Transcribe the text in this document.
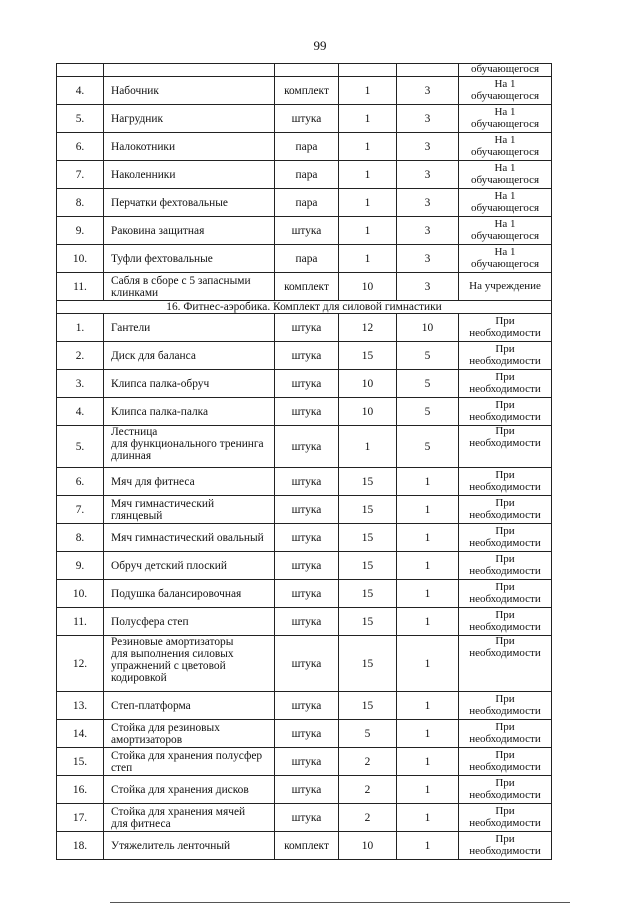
99
					обучающегося
4.	Набочник	комплект	1	3	На 1
обучающегося
5.	Нагрудник	штука	1	3	На 1
обучающегося
6.	Налокотники	пара	1	3	На 1
обучающегося
7.	Наколенники	пара	1	3	На 1
обучающегося
8.	Перчатки фехтовальные	пара	1	3	На 1
обучающегося
9.	Раковина защитная	штука	1	3	На 1
обучающегося
10.	Туфли фехтовальные	пара	1	3	На 1
обучающегося
11.	Сабля в сборе с 5 запасными
клинками	комплект	10	3	На учреждение
16. Фитнес-аэробика. Комплект для силовой гимнастики					
1.	Гантели	штука	12	10	При
необходимости
2.	Диск для баланса	штука	15	5	При
необходимости
3.	Клипса палка-обруч	штука	10	5	При
необходимости
4.	Клипса палка-палка	штука	10	5	При
необходимости
5.	Лестница
для функционального тренинга
длинная	штука	1	5	При
необходимости
6.	Мяч для фитнеса	штука	15	1	При
необходимости
7.	Мяч гимнастический
глянцевый	штука	15	1	При
необходимости
8.	Мяч гимнастический овальный	штука	15	1	При
необходимости
9.	Обруч детский плоский	штука	15	1	При
необходимости
10.	Подушка балансировочная	штука	15	1	При
необходимости
11.	Полусфера степ	штука	15	1	При
необходимости
12.	Резиновые амортизаторы
для выполнения силовых
упражнений с цветовой
кодировкой	штука	15	1	При
необходимости
13.	Степ-платформа	штука	15	1	При
необходимости
14.	Стойка для резиновых
амортизаторов	штука	5	1	При
необходимости
15.	Стойка для хранения полусфер
степ	штука	2	1	При
необходимости
16.	Стойка для хранения дисков	штука	2	1	При
необходимости
17.	Стойка для хранения мячей
для фитнеса	штука	2	1	При
необходимости
18.	Утяжелитель ленточный	комплект	10	1	При
необходимости
